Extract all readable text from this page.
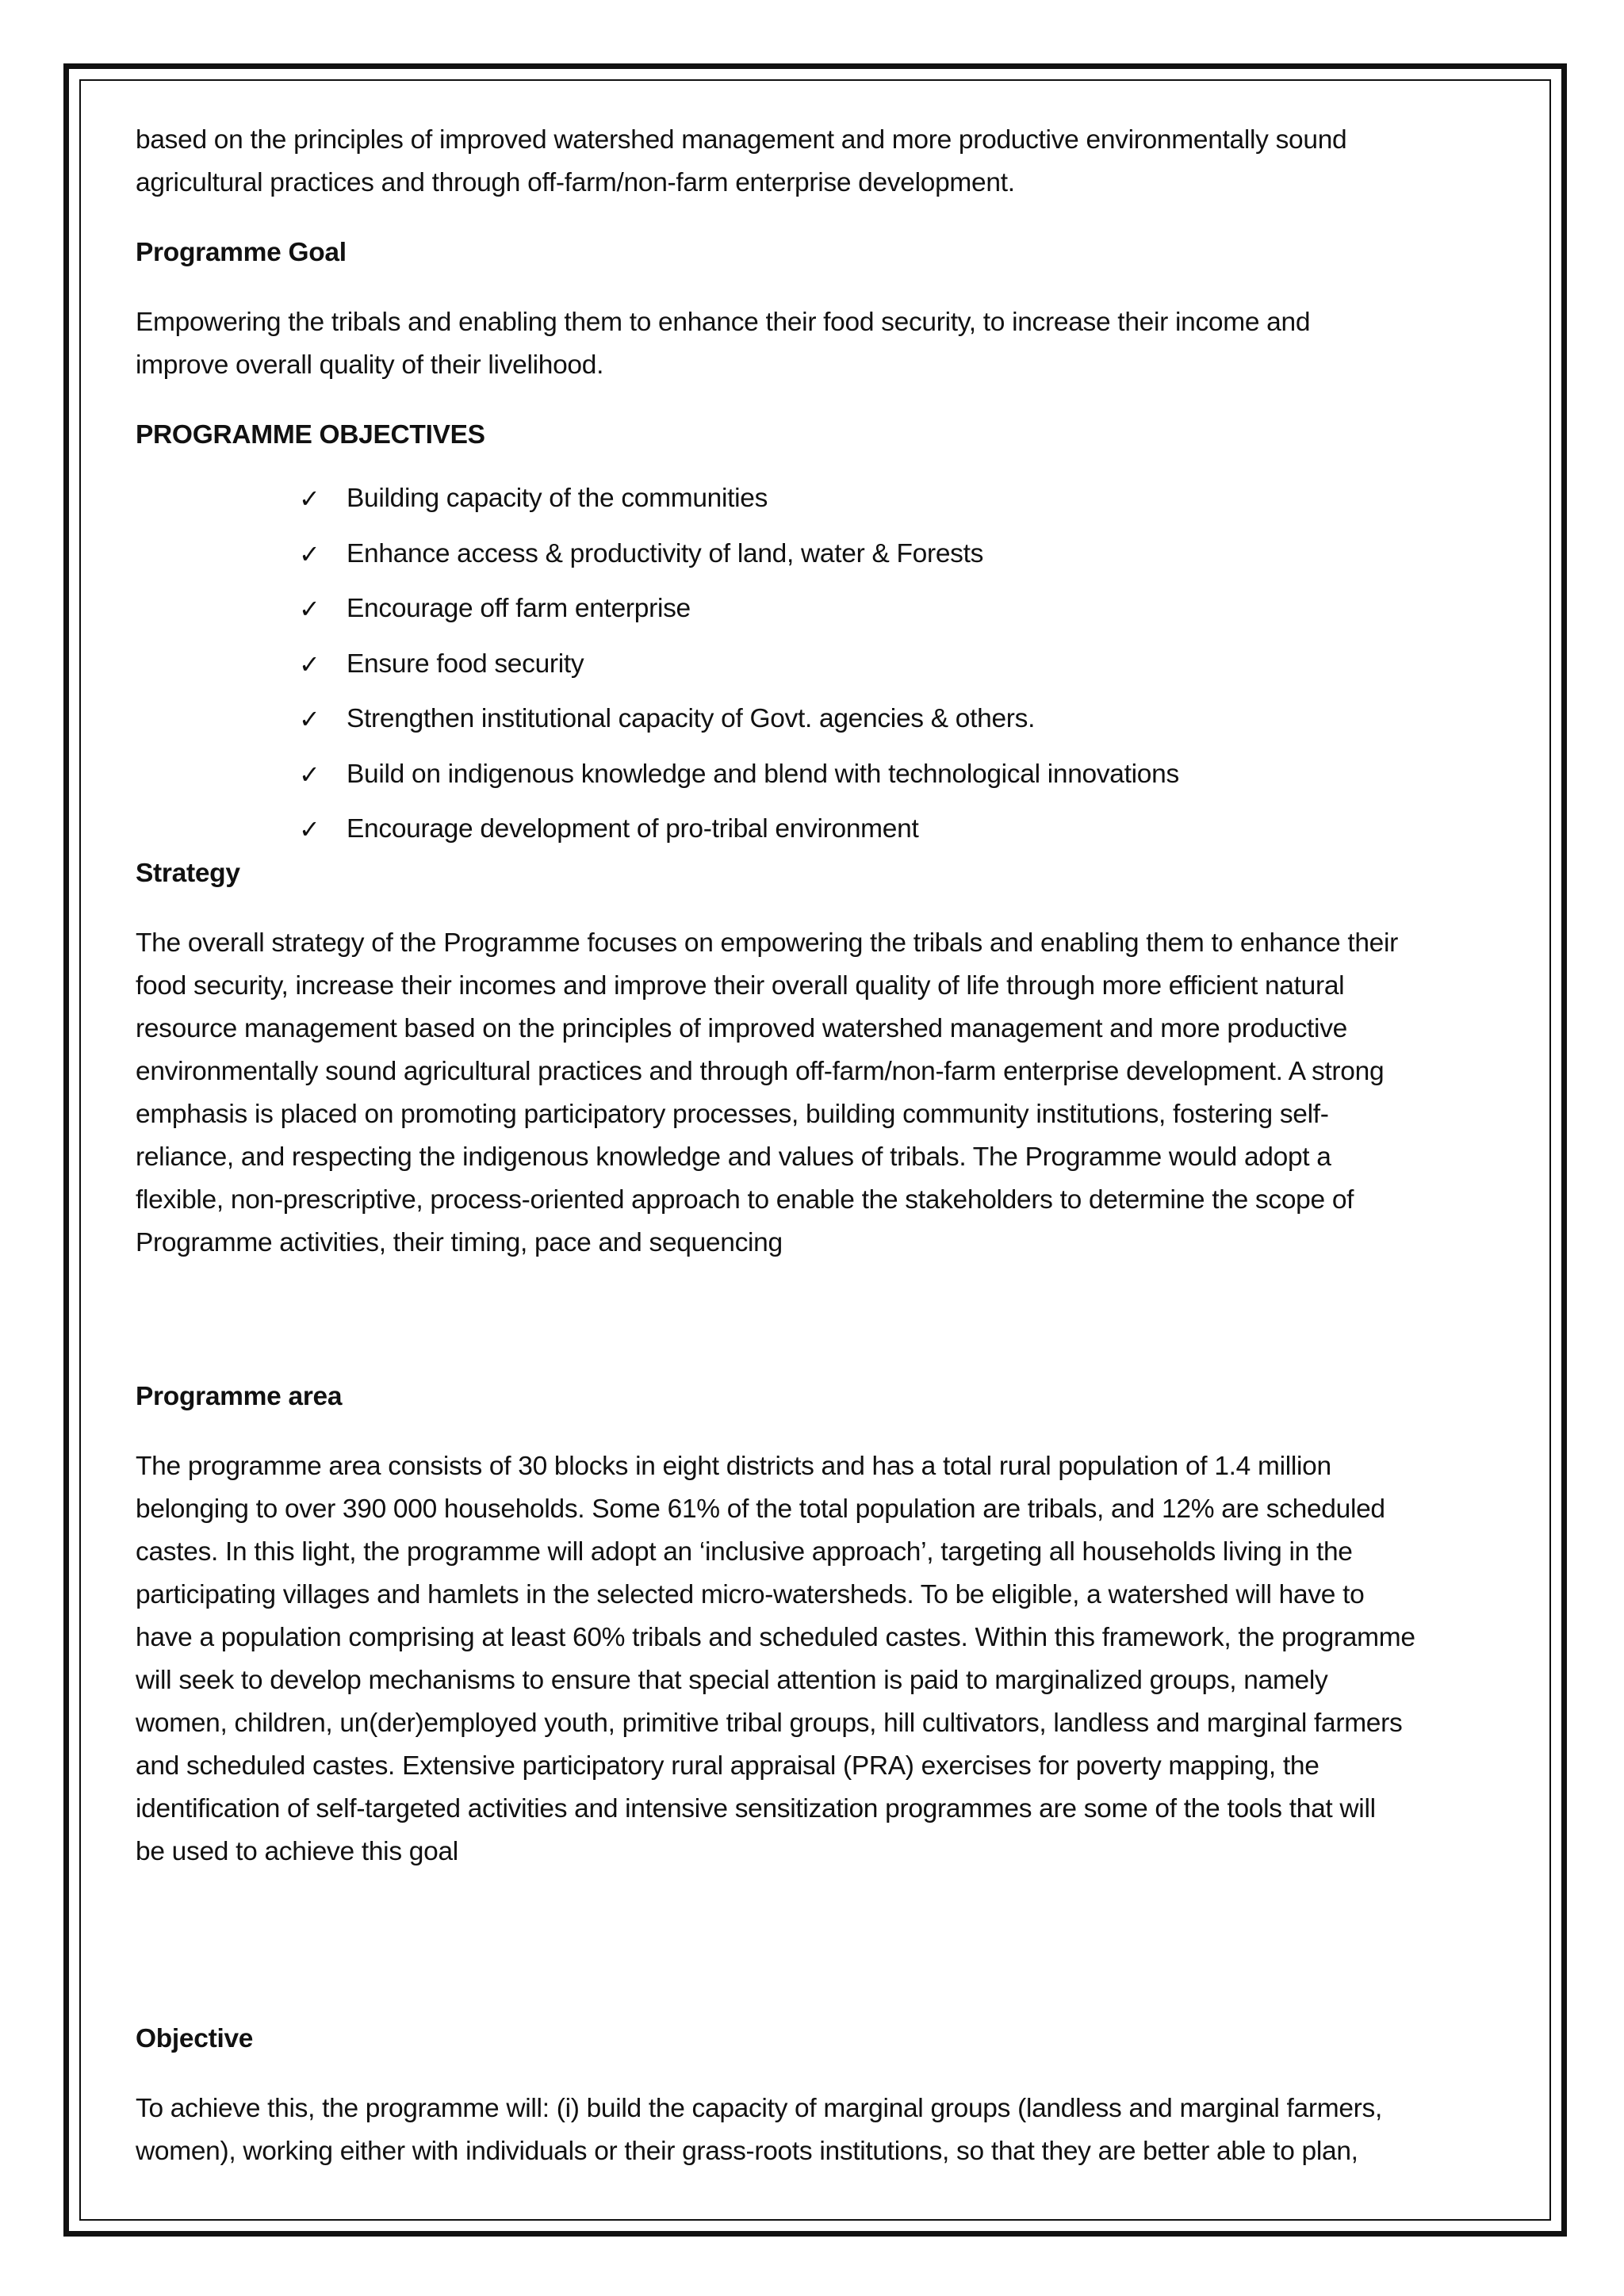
based on the principles of improved watershed management and more productive environmentally sound
agricultural practices and through off-farm/non-farm enterprise development.

Programme Goal

Empowering the tribals and enabling them to enhance their food security, to increase their income and
improve overall quality of their livelihood.

PROGRAMME OBJECTIVES

✓ Building capacity of the communities
✓ Enhance access & productivity of land, water & Forests
✓ Encourage off farm enterprise
✓ Ensure food security
✓ Strengthen institutional capacity of Govt. agencies & others.
✓ Build on indigenous knowledge and blend with technological innovations
✓ Encourage development of pro-tribal environment

Strategy

The overall strategy of the Programme focuses on empowering the tribals and enabling them to enhance their
food security, increase their incomes and improve their overall quality of life through more efficient natural
resource management based on the principles of improved watershed management and more productive
environmentally sound agricultural practices and through off-farm/non-farm enterprise development. A strong
emphasis is placed on promoting participatory processes, building community institutions, fostering self-
reliance, and respecting the indigenous knowledge and values of tribals. The Programme would adopt a
flexible, non-prescriptive, process-oriented approach to enable the stakeholders to determine the scope of
Programme activities, their timing, pace and sequencing

Programme area

The programme area consists of 30 blocks in eight districts and has a total rural population of 1.4 million
belonging to over 390 000 households. Some 61% of the total population are tribals, and 12% are scheduled
castes. In this light, the programme will adopt an ‘inclusive approach’, targeting all households living in the
participating villages and hamlets in the selected micro-watersheds. To be eligible, a watershed will have to
have a population comprising at least 60% tribals and scheduled castes. Within this framework, the programme
will seek to develop mechanisms to ensure that special attention is paid to marginalized groups, namely
women, children, un(der)employed youth, primitive tribal groups, hill cultivators, landless and marginal farmers
and scheduled castes. Extensive participatory rural appraisal (PRA) exercises for poverty mapping, the
identification of self-targeted activities and intensive sensitization programmes are some of the tools that will
be used to achieve this goal

Objective

To achieve this, the programme will: (i) build the capacity of marginal groups (landless and marginal farmers,
women), working either with individuals or their grass-roots institutions, so that they are better able to plan,
